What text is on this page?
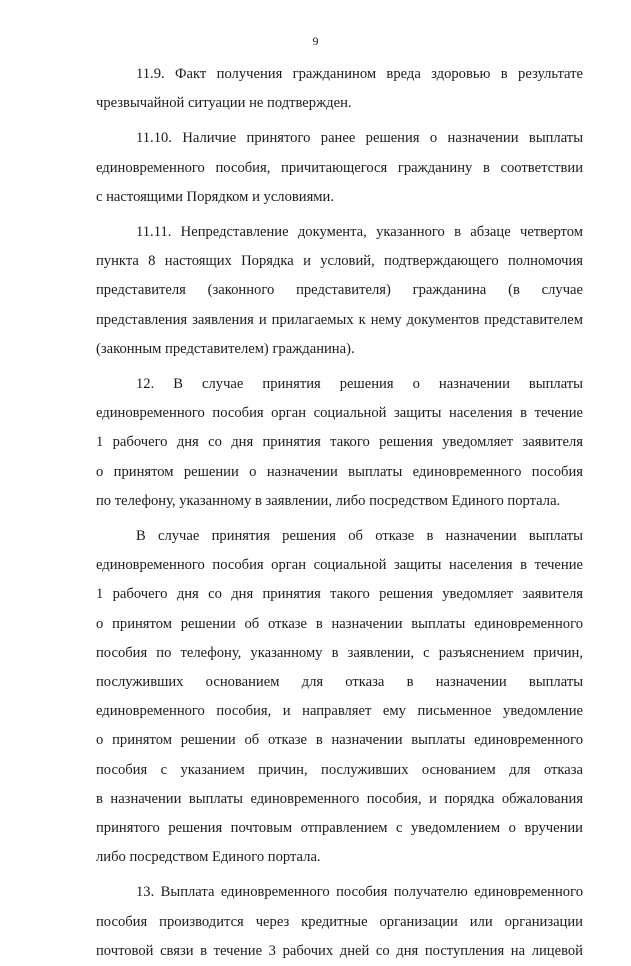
9
11.9. Факт получения гражданином вреда здоровью в результате
чрезвычайной ситуации не подтвержден.
11.10. Наличие принятого ранее решения о назначении выплаты
единовременного пособия, причитающегося гражданину в соответствии
с настоящими Порядком и условиями.
11.11. Непредставление документа, указанного в абзаце четвертом
пункта 8 настоящих Порядка и условий, подтверждающего полномочия
представителя (законного представителя) гражданина (в случае
представления заявления и прилагаемых к нему документов представителем
(законным представителем) гражданина).
12. В случае принятия решения о назначении выплаты
единовременного пособия орган социальной защиты населения в течение
1 рабочего дня со дня принятия такого решения уведомляет заявителя
о принятом решении о назначении выплаты единовременного пособия
по телефону, указанному в заявлении, либо посредством Единого портала.
В случае принятия решения об отказе в назначении выплаты
единовременного пособия орган социальной защиты населения в течение
1 рабочего дня со дня принятия такого решения уведомляет заявителя
о принятом решении об отказе в назначении выплаты единовременного
пособия по телефону, указанному в заявлении, с разъяснением причин,
послуживших основанием для отказа в назначении выплаты
единовременного пособия, и направляет ему письменное уведомление
о принятом решении об отказе в назначении выплаты единовременного
пособия с указанием причин, послуживших основанием для отказа
в назначении выплаты единовременного пособия, и порядка обжалования
принятого решения почтовым отправлением с уведомлением о вручении
либо посредством Единого портала.
13. Выплата единовременного пособия получателю единовременного
пособия производится через кредитные организации или организации
почтовой связи в течение 3 рабочих дней со дня поступления на лицевой
